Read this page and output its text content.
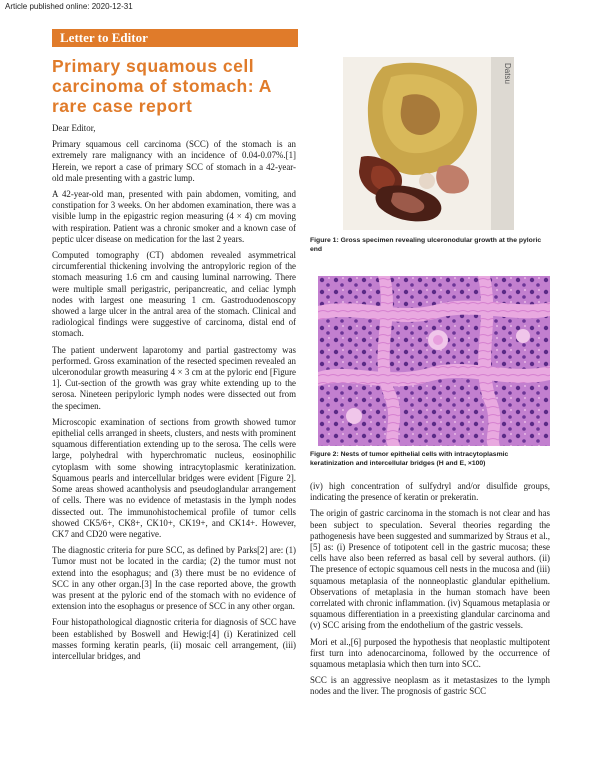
Article published online: 2020-12-31
Letter to Editor
Primary squamous cell carcinoma of stomach: A rare case report

Dear Editor,

Primary squamous cell carcinoma (SCC) of the stomach is an extremely rare malignancy with an incidence of 0.04-0.07%.[1] Herein, we report a case of primary SCC of stomach in a 42-year-old male presenting with a gastric lump.

A 42-year-old man, presented with pain abdomen, vomiting, and constipation for 3 weeks. On her abdomen examination, there was a visible lump in the epigastric region measuring (4 × 4) cm moving with respiration. Patient was a chronic smoker and a known case of peptic ulcer disease on medication for the last 2 years.

Computed tomography (CT) abdomen revealed asymmetrical circumferential thickening involving the antropyloric region of the stomach measuring 1.6 cm and causing luminal narrowing. There were multiple small perigastric, peripancreatic, and celiac lymph nodes with largest one measuring 1 cm. Gastroduodenoscopy showed a large ulcer in the antral area of the stomach. Clinical and radiological findings were suggestive of carcinoma, distal end of stomach.

The patient underwent laparotomy and partial gastrectomy was performed. Gross examination of the resected specimen revealed an ulceronodular growth measuring 4 × 3 cm at the pyloric end [Figure 1]. Cut-section of the growth was gray white extending up to the serosa. Nineteen peripyloric lymph nodes were dissected out from the specimen.

Microscopic examination of sections from growth showed tumor epithelial cells arranged in sheets, clusters, and nests with prominent squamous differentiation extending up to the serosa. The cells were large, polyhedral with hyperchromatic nucleus, eosinophilic cytoplasm with some showing intracytoplasmic keratinization. Squamous pearls and intercellular bridges were evident [Figure 2]. Some areas showed acantholysis and pseudoglandular arrangement of cells. There was no evidence of metastasis in the lymph nodes dissected out. The immunohistochemical profile of tumor cells showed CK5/6+, CK8+, CK10+, CK19+, and CK14+. However, CK7 and CD20 were negative.

The diagnostic criteria for pure SCC, as defined by Parks[2] are: (1) Tumor must not be located in the cardia; (2) the tumor must not extend into the esophagus; and (3) there must be no evidence of SCC in any other organ.[3] In the case reported above, the growth was present at the pyloric end of the stomach with no evidence of extension into the esophagus or presence of SCC in any other organ.

Four histopathological diagnostic criteria for diagnosis of SCC have been established by Boswell and Hewig:[4] (i) Keratinized cell masses forming keratin pearls, (ii) mosaic cell arrangement, (iii) intercellular bridges, and

Datsu
Figure 1: Gross specimen revealing ulceronodular growth at the pyloric end
Figure 2: Nests of tumor epithelial cells with intracytoplasmic keratinization and intercellular bridges (H and E, ×100)

(iv) high concentration of sulfydryl and/or disulfide groups, indicating the presence of keratin or prekeratin.

The origin of gastric carcinoma in the stomach is not clear and has been subject to speculation. Several theories regarding the pathogenesis have been suggested and summarized by Straus et al.,[5] as: (i) Presence of totipotent cell in the gastric mucosa; these cells have also been referred as basal cell by several authors. (ii) The presence of ectopic squamous cell nests in the mucosa and (iii) squamous metaplasia of the nonneoplastic glandular epithelium. Observations of metaplasia in the human stomach have been correlated with chronic inflammation. (iv) Squamous metaplasia or squamous differentiation in a preexisting glandular carcinoma and (v) SCC arising from the endothelium of the gastric vessels.

Mori et al.,[6] purposed the hypothesis that neoplastic multipotent first turn into adenocarcinoma, followed by the occurrence of squamous metaplasia which then turn into SCC.

SCC is an aggressive neoplasm as it metastasizes to the lymph nodes and the liver. The prognosis of gastric SCC
